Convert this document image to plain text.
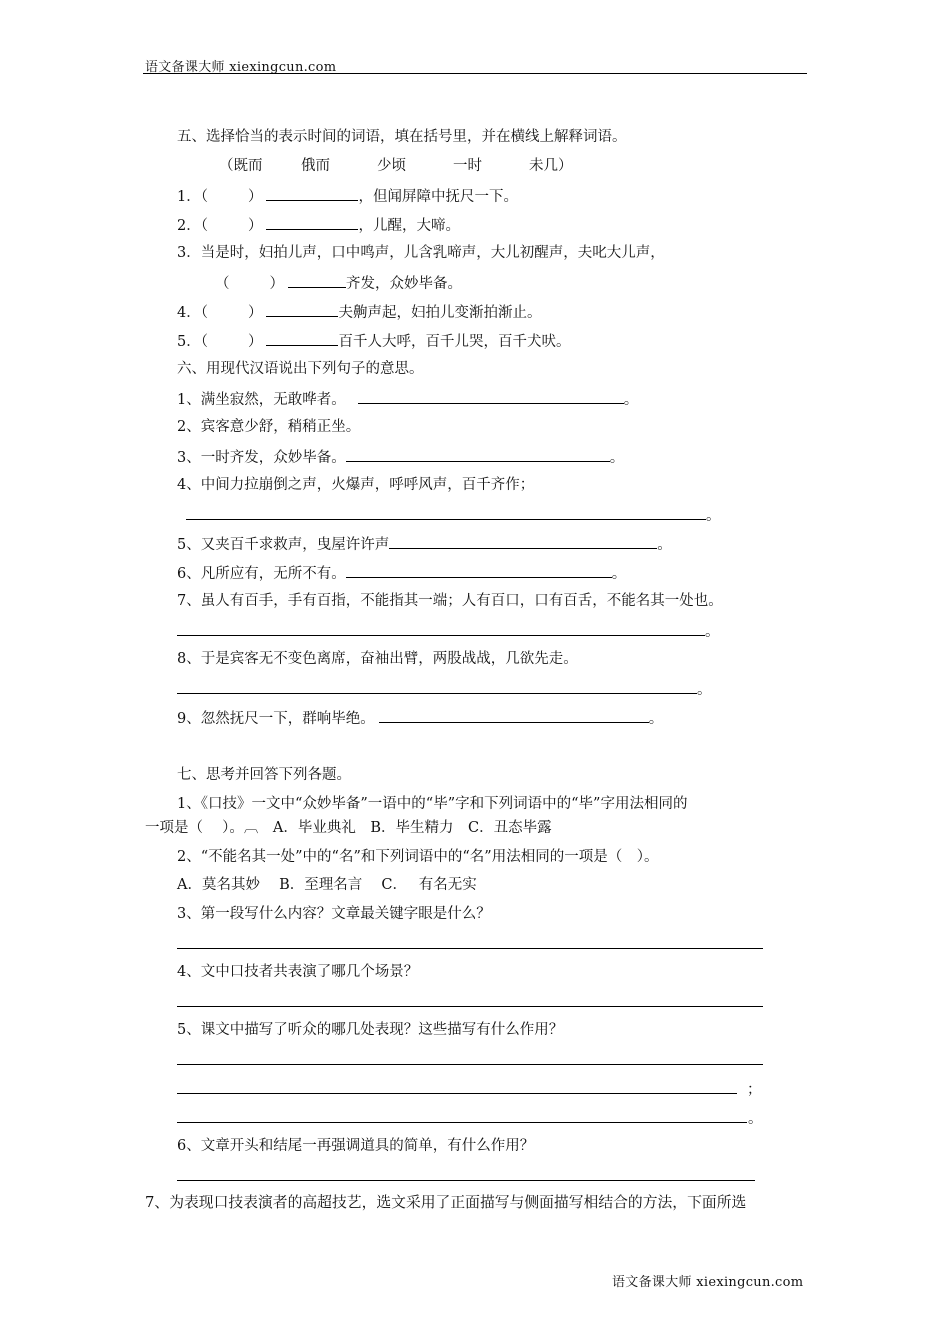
语文备课大师 xiexingcun.com
五、选择恰当的表示时间的词语，填在括号里，并在横线上解释词语。
（既而	俄而	少顷	一时	未几）
1．（	）	，但闻屏障中抚尺一下。
2．（	）	，儿醒，大啼。
3．当是时，妇拍儿声，口中鸣声，儿含乳啼声，大儿初醒声，夫叱大儿声，
（	）	齐发，众妙毕备。
4．（	）	夫齁声起，妇拍儿变渐拍渐止。
5．（	）	百千人大呼，百千儿哭，百千犬吠。
六、用现代汉语说出下列句子的意思。
1、满坐寂然，无敢哗者。	。
2、宾客意少舒，稍稍正坐。
3、一时齐发，众妙毕备。	。
4、中间力拉崩倒之声，火爆声，呼呼风声，百千齐作；
。
5、又夹百千求救声，曳屋许许声	。
6、凡所应有，无所不有。	。
7、虽人有百手，手有百指，不能指其一端；人有百口，口有百舌，不能名其一处也。
。
8、于是宾客无不变色离席，奋袖出臂，两股战战，几欲先走。
。
9、忽然抚尺一下，群响毕绝。	。
七、思考并回答下列各题。
1、《口技》一文中“众妙毕备”一语中的“毕”字和下列词语中的“毕”字用法相同的
一项是（　 ）。︹　A．毕业典礼　B．毕生精力　C．丑态毕露
2、“不能名其一处”中的“名”和下列词语中的“名”用法相同的一项是（　）。
A．莫名其妙　 B．至理名言　 C．　 有名无实
3、第一段写什么内容？文章最关键字眼是什么？
4、文中口技者共表演了哪几个场景？
5、课文中描写了听众的哪几处表现？这些描写有什么作用？
；
。
6、文章开头和结尾一再强调道具的简单，有什么作用？
7、为表现口技表演者的高超技艺，选文采用了正面描写与侧面描写相结合的方法，下面所选
语文备课大师 xiexingcun.com
